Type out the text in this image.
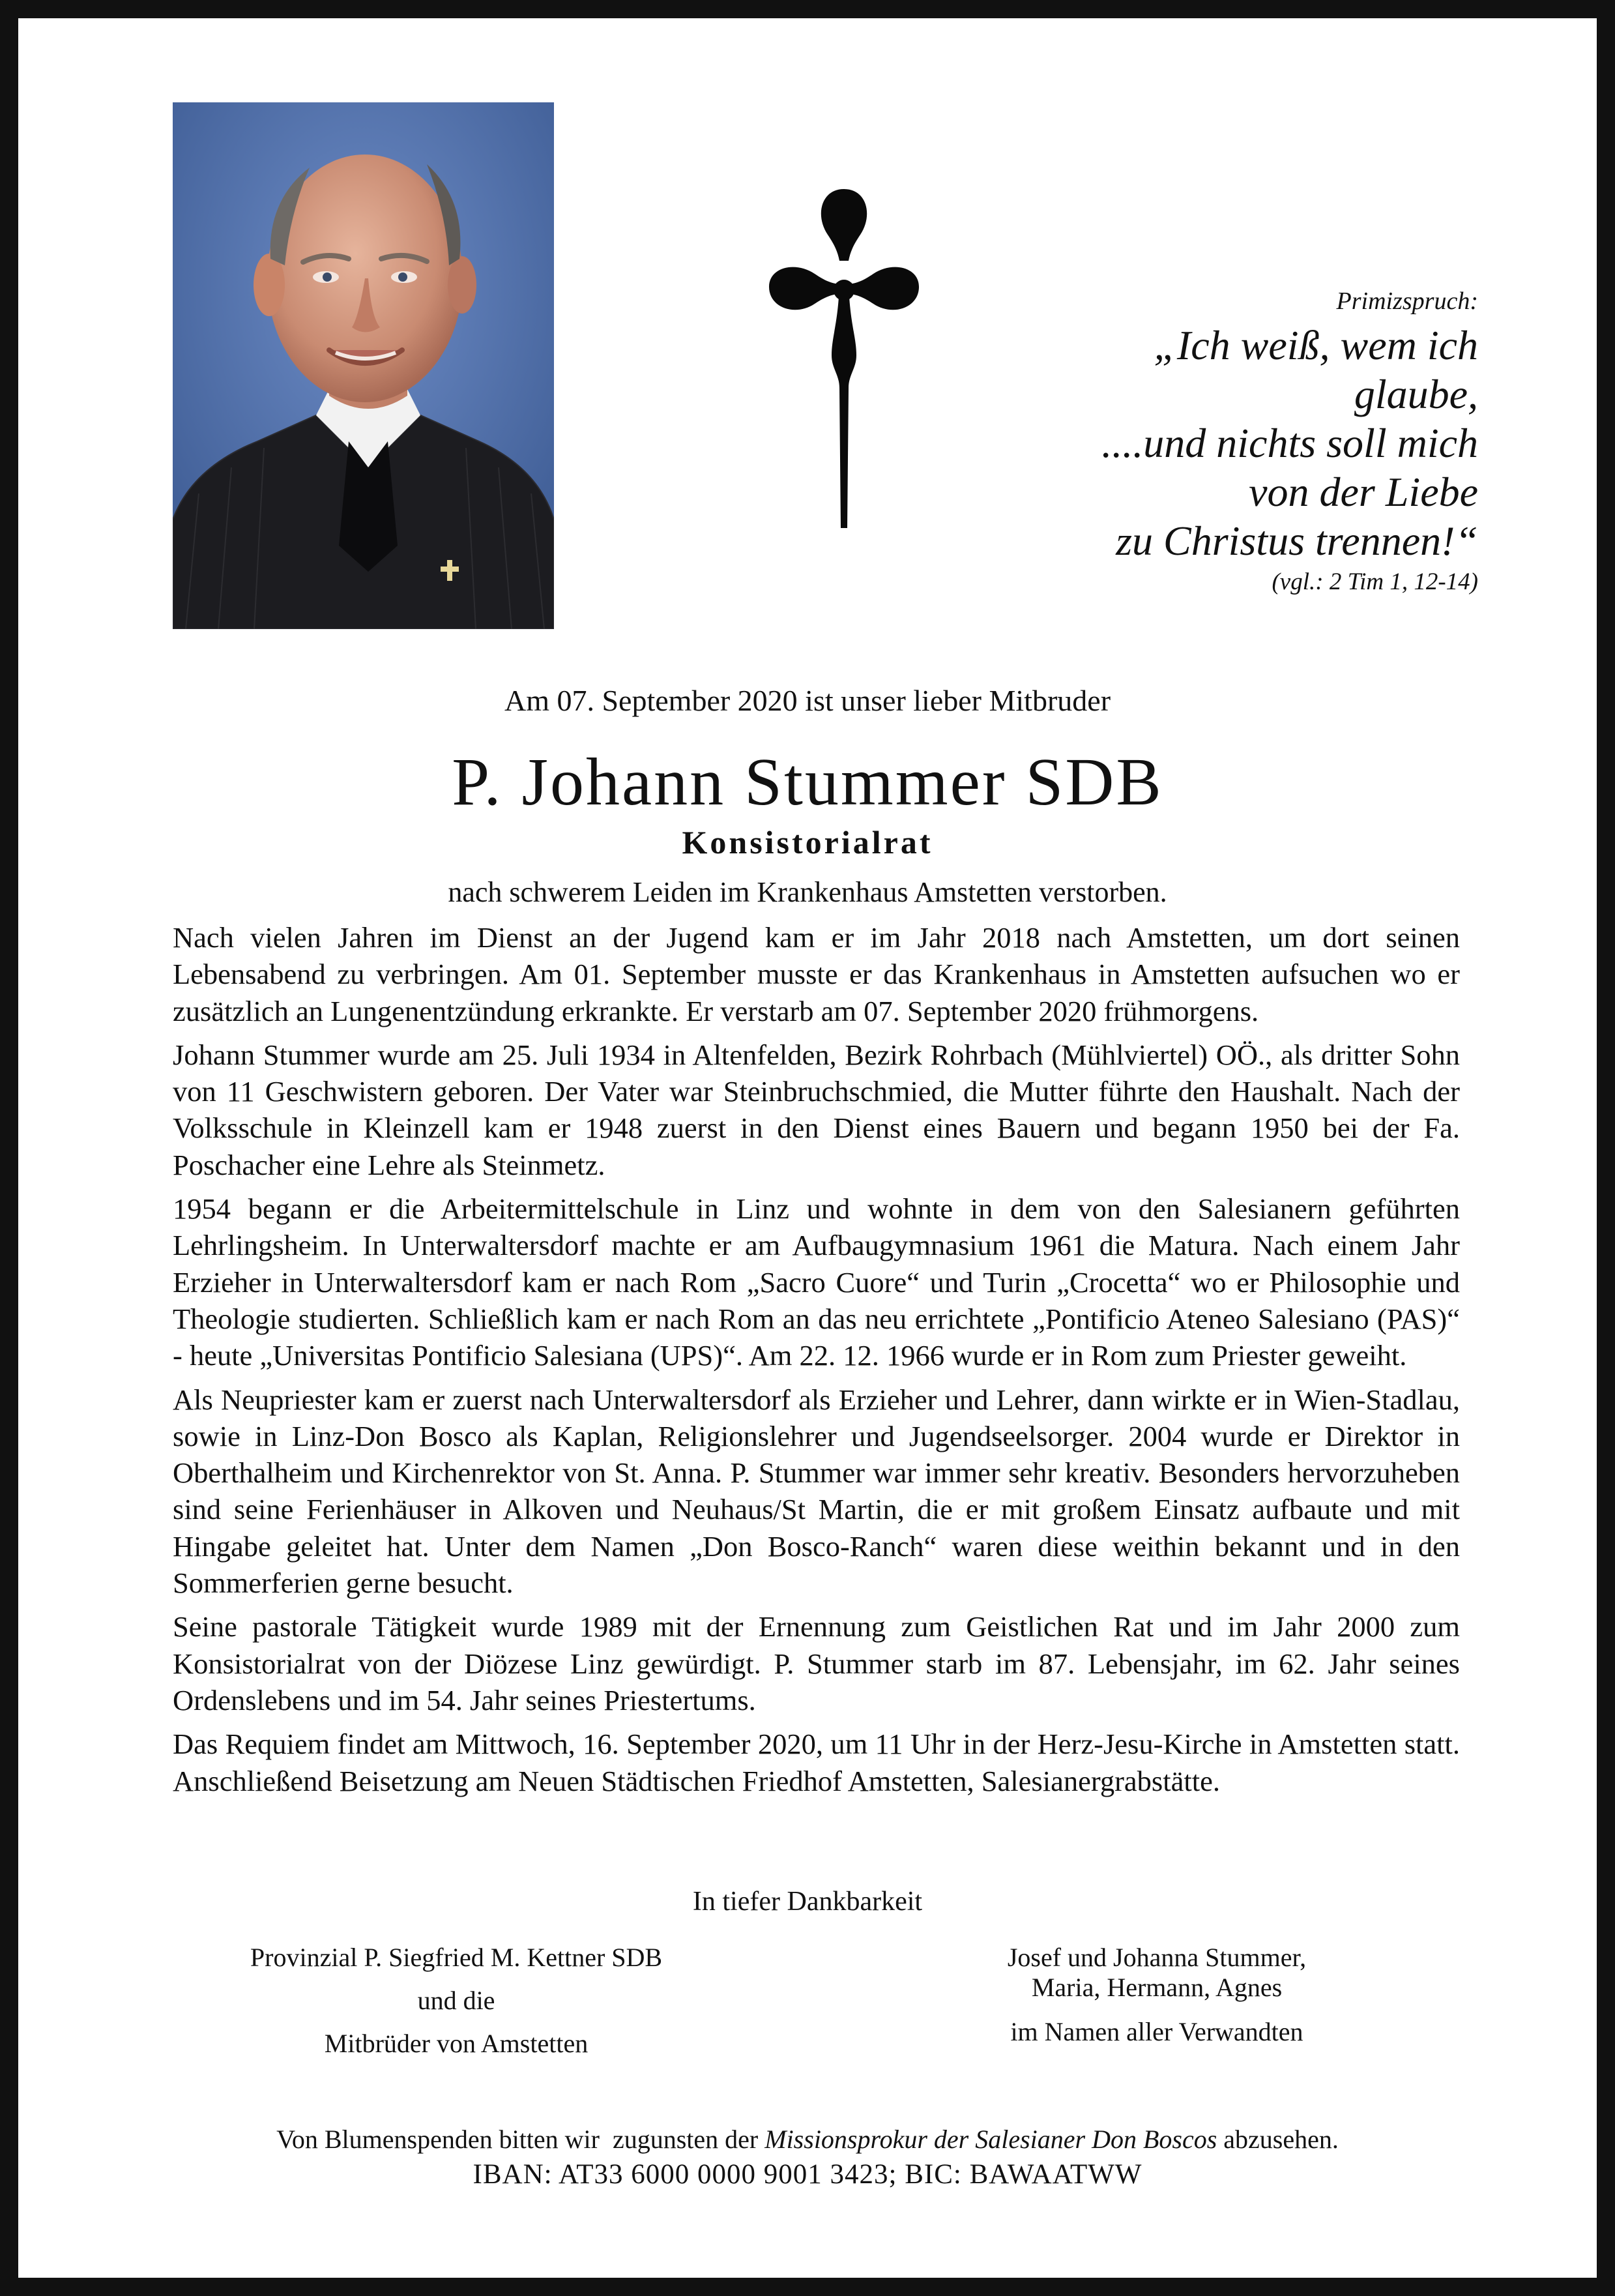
Primizspruch:
„Ich weiß, wem ich
glaube,
....und nichts soll mich
von der Liebe
zu Christus trennen!“
(vgl.: 2 Tim 1, 12-14)
Am 07. September 2020 ist unser lieber Mitbruder
P. Johann Stummer SDB
Konsistorialrat
nach schwerem Leiden im Krankenhaus Amstetten verstorben.

Nach vielen Jahren im Dienst an der Jugend kam er im Jahr 2018 nach Amstetten, um dort seinen Lebensabend zu verbringen. Am 01. September musste er das Krankenhaus in Amstetten aufsuchen wo er zusätzlich an Lungenentzündung erkrankte. Er verstarb am 07. September 2020 frühmorgens.

Johann Stummer wurde am 25. Juli 1934 in Altenfelden, Bezirk Rohrbach (Mühlviertel) OÖ., als dritter Sohn von 11 Geschwistern geboren. Der Vater war Steinbruchschmied, die Mutter führte den Haushalt. Nach der Volksschule in Kleinzell kam er 1948 zuerst in den Dienst eines Bauern und begann 1950 bei der Fa. Poschacher eine Lehre als Steinmetz.

1954 begann er die Arbeitermittelschule in Linz und wohnte in dem von den Salesianern geführten Lehrlingsheim. In Unterwaltersdorf machte er am Aufbaugymnasium 1961 die Matura. Nach einem Jahr Erzieher in Unterwaltersdorf kam er nach Rom „Sacro Cuore“ und Turin „Crocetta“ wo er Philosophie und Theologie studierten. Schließlich kam er nach Rom an das neu errichtete „Pontificio Ateneo Salesiano (PAS)“ - heute „Universitas Pontificio Salesiana (UPS)“. Am 22. 12. 1966 wurde er in Rom zum Priester geweiht.

Als Neupriester kam er zuerst nach Unterwaltersdorf als Erzieher und Lehrer, dann wirkte er in Wien-Stadlau, sowie in Linz-Don Bosco als Kaplan, Religionslehrer und Jugendseelsorger. 2004 wurde er Direktor in Oberthalheim und Kirchenrektor von St. Anna. P. Stummer war immer sehr kreativ. Besonders hervorzuheben sind seine Ferienhäuser in Alkoven und Neuhaus/St Martin, die er mit großem Einsatz aufbaute und mit Hingabe geleitet hat. Unter dem Namen „Don Bosco-Ranch“ waren diese weithin bekannt und in den Sommerferien gerne besucht.

Seine pastorale Tätigkeit wurde 1989 mit der Ernennung zum Geistlichen Rat und im Jahr 2000 zum Konsistorialrat von der Diözese Linz gewürdigt. P. Stummer starb im 87. Lebensjahr, im 62. Jahr seines Ordenslebens und im 54. Jahr seines Priestertums.

Das Requiem findet am Mittwoch, 16. September 2020, um 11 Uhr in der Herz-Jesu-Kirche in Amstetten statt. Anschließend Beisetzung am Neuen Städtischen Friedhof Amstetten, Salesianergrabstätte.

In tiefer Dankbarkeit
Provinzial P. Siegfried M. Kettner SDB
und die
Mitbrüder von Amstetten
Josef und Johanna Stummer,
Maria, Hermann, Agnes
im Namen aller Verwandten
Von Blumenspenden bitten wir  zugunsten der Missionsprokur der Salesianer Don Boscos abzusehen.
IBAN: AT33 6000 0000 9001 3423; BIC: BAWAATWW
